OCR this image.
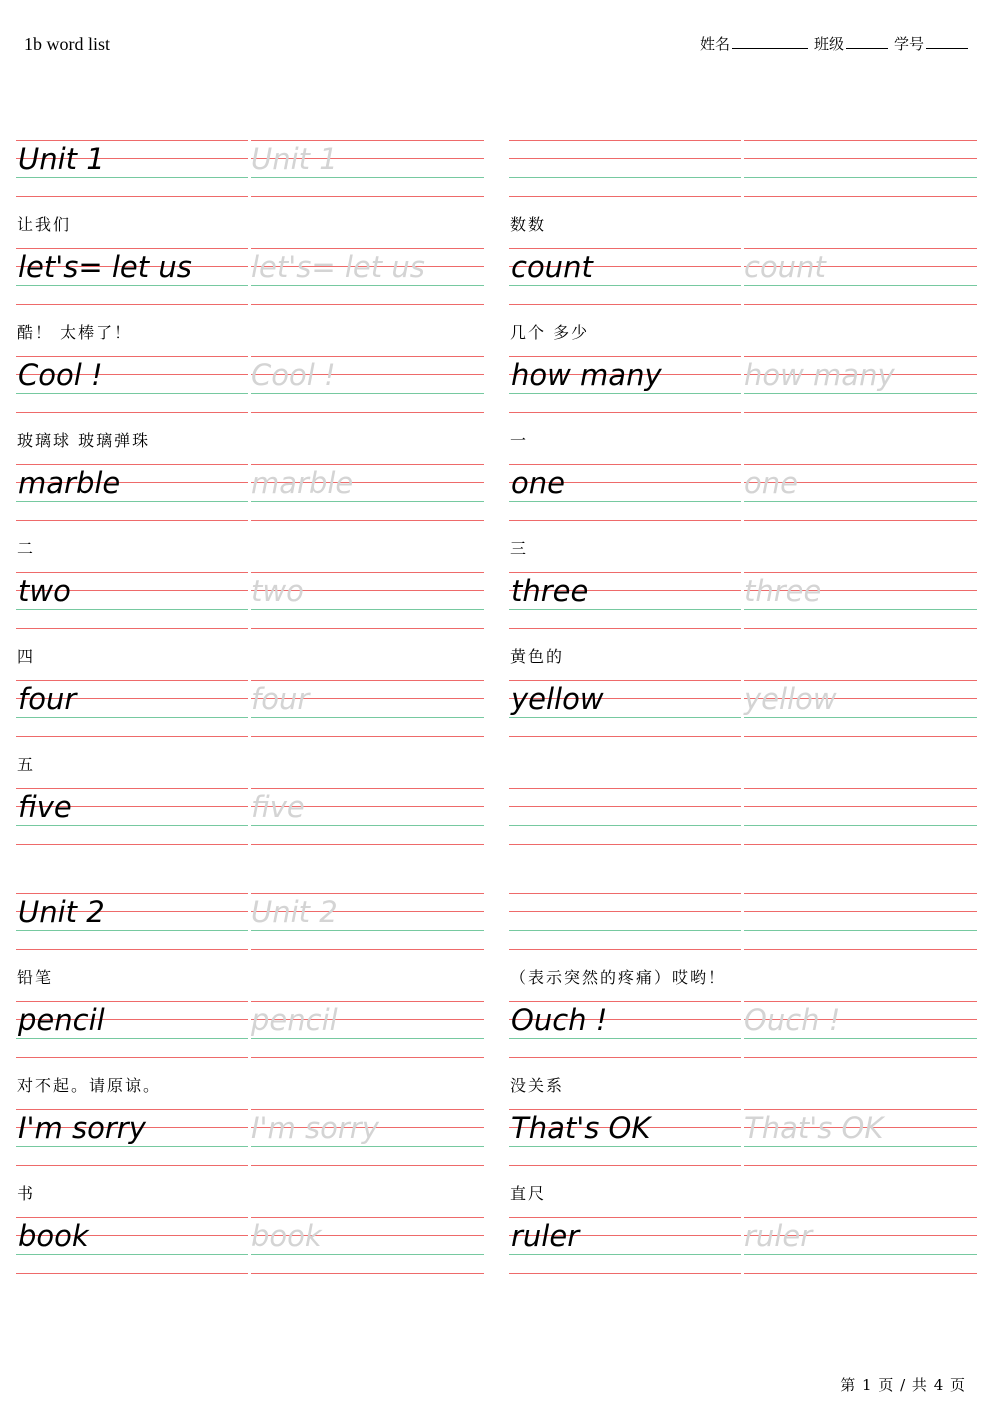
1b word list	姓名	班级	学号
Unit 1	Unit 1
让我们
let's= let us let's= let us
数数
count	count
酷！ 太棒了！
Cool !	Cool !
几个 多少
how many	how many
玻璃球 玻璃弹珠
marble	marble
一
one	one
二
two	two
三
three	three
四
four	four
黄色的
yellow	yellow
五
five	five
Unit 2	Unit 2
铅笔
pencil	pencil
（表示突然的疼痛）哎哟！
Ouch !	Ouch !
对不起。请原谅。
I'm sorry	I'm sorry
没关系
That's OK	That's OK
书
book	book
直尺
ruler	ruler
第 1 页 / 共 4 页
